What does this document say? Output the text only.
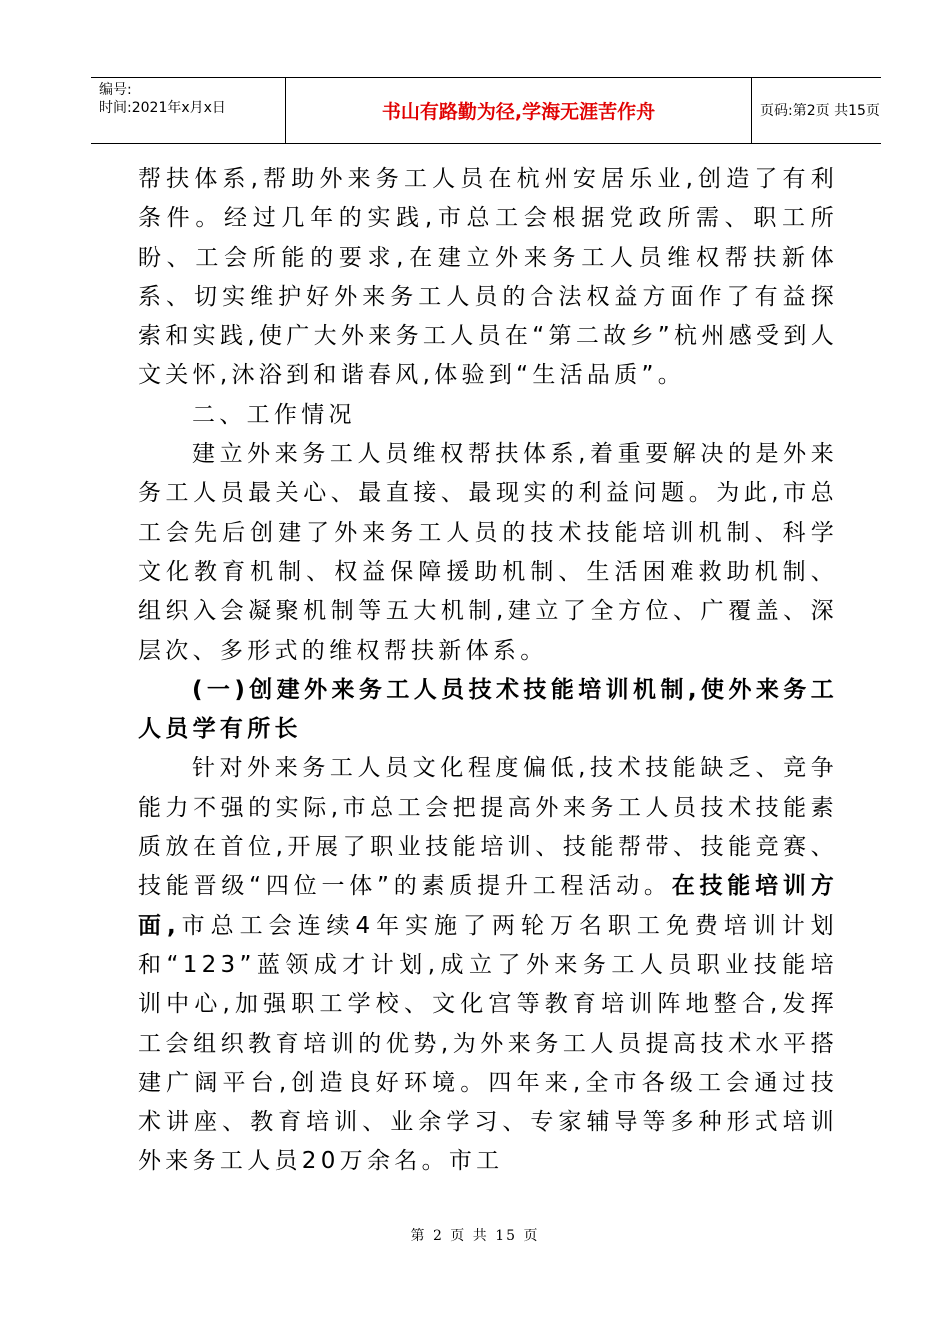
编号:
时间:2021年x月x日	书山有路勤为径,学海无涯苦作舟	页码:第2页 共15页

帮扶体系,帮助外来务工人员在杭州安居乐业,创造了有利条件。经过几年的实践,市总工会根据党政所需、职工所盼、工会所能的要求,在建立外来务工人员维权帮扶新体系、切实维护好外来务工人员的合法权益方面作了有益探索和实践,使广大外来务工人员在“第二故乡”杭州感受到人文关怀,沐浴到和谐春风,体验到“生活品质”。

二、工作情况

建立外来务工人员维权帮扶体系,着重要解决的是外来务工人员最关心、最直接、最现实的利益问题。为此,市总工会先后创建了外来务工人员的技术技能培训机制、科学文化教育机制、权益保障援助机制、生活困难救助机制、组织入会凝聚机制等五大机制,建立了全方位、广覆盖、深层次、多形式的维权帮扶新体系。

(一)创建外来务工人员技术技能培训机制,使外来务工人员学有所长

针对外来务工人员文化程度偏低,技术技能缺乏、竞争能力不强的实际,市总工会把提高外来务工人员技术技能素质放在首位,开展了职业技能培训、技能帮带、技能竞赛、技能晋级“四位一体”的素质提升工程活动。在技能培训方面,市总工会连续4年实施了两轮万名职工免费培训计划和“123”蓝领成才计划,成立了外来务工人员职业技能培训中心,加强职工学校、文化宫等教育培训阵地整合,发挥工会组织教育培训的优势,为外来务工人员提高技术水平搭建广阔平台,创造良好环境。四年来,全市各级工会通过技术讲座、教育培训、业余学习、专家辅导等多种形式培训外来务工人员20万余名。市工

第 2 页 共 15 页
